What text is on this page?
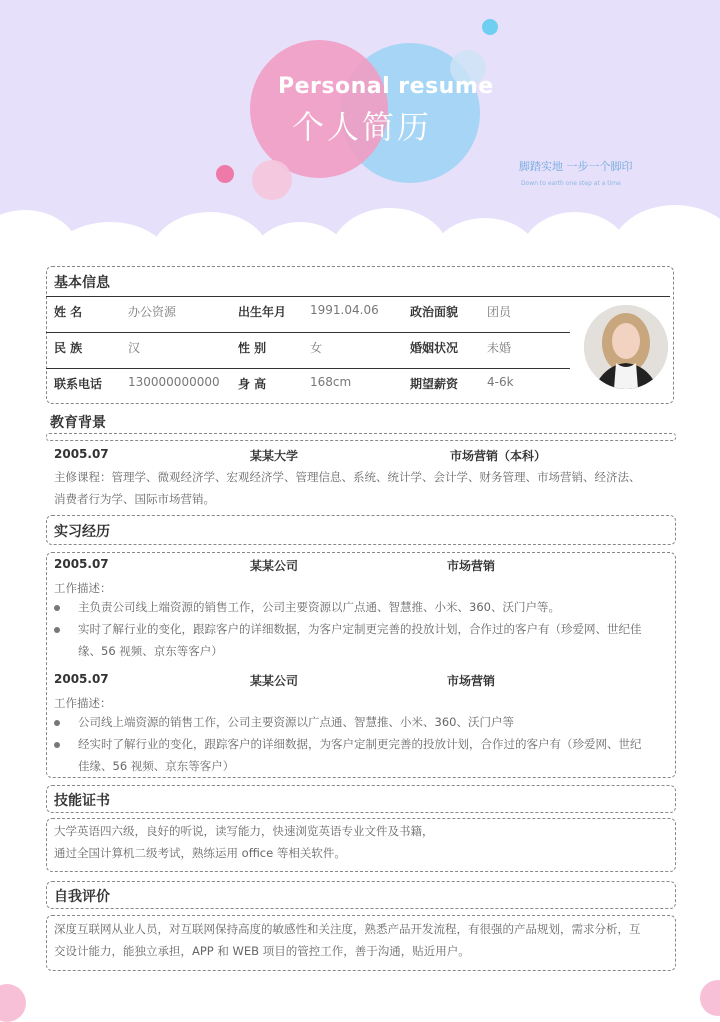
Personal resume
个人简历
脚踏实地 一步一个脚印
Down to earth one step at a time
基本信息
姓 名	办公资源	出生年月 1991.04.06	政治面貌 团员
民 族	汉	性 别	女	婚姻状况 未婚
联系电话 130000000000 身 高	168cm	期望薪资 4-6k
教育背景
2005.07	某某大学	市场营销（本科）
主修课程：管理学、微观经济学、宏观经济学、管理信息、系统、统计学、会计学、财务管理、市场营销、经济法、
消费者行为学、国际市场营销。
实习经历
2005.07	某某公司	市场营销
工作描述：
主负责公司线上端资源的销售工作，公司主要资源以广点通、智慧推、小米、360、沃门户等。
实时了解行业的变化，跟踪客户的详细数据，为客户定制更完善的投放计划，合作过的客户有（珍爱网、世纪佳
缘、56 视频、京东等客户）
2005.07	某某公司	市场营销
工作描述：
公司线上端资源的销售工作，公司主要资源以广点通、智慧推、小米、360、沃门户等
经实时了解行业的变化，跟踪客户的详细数据，为客户定制更完善的投放计划，合作过的客户有（珍爱网、世纪
佳缘、56 视频、京东等客户）
技能证书
大学英语四六级，良好的听说，读写能力，快速浏览英语专业文件及书籍，
通过全国计算机二级考试，熟练运用 office 等相关软件。
自我评价
深度互联网从业人员，对互联网保持高度的敏感性和关注度，熟悉产品开发流程，有很强的产品规划，需求分析，互
交设计能力，能独立承担，APP 和 WEB 项目的管控工作，善于沟通，贴近用户。
